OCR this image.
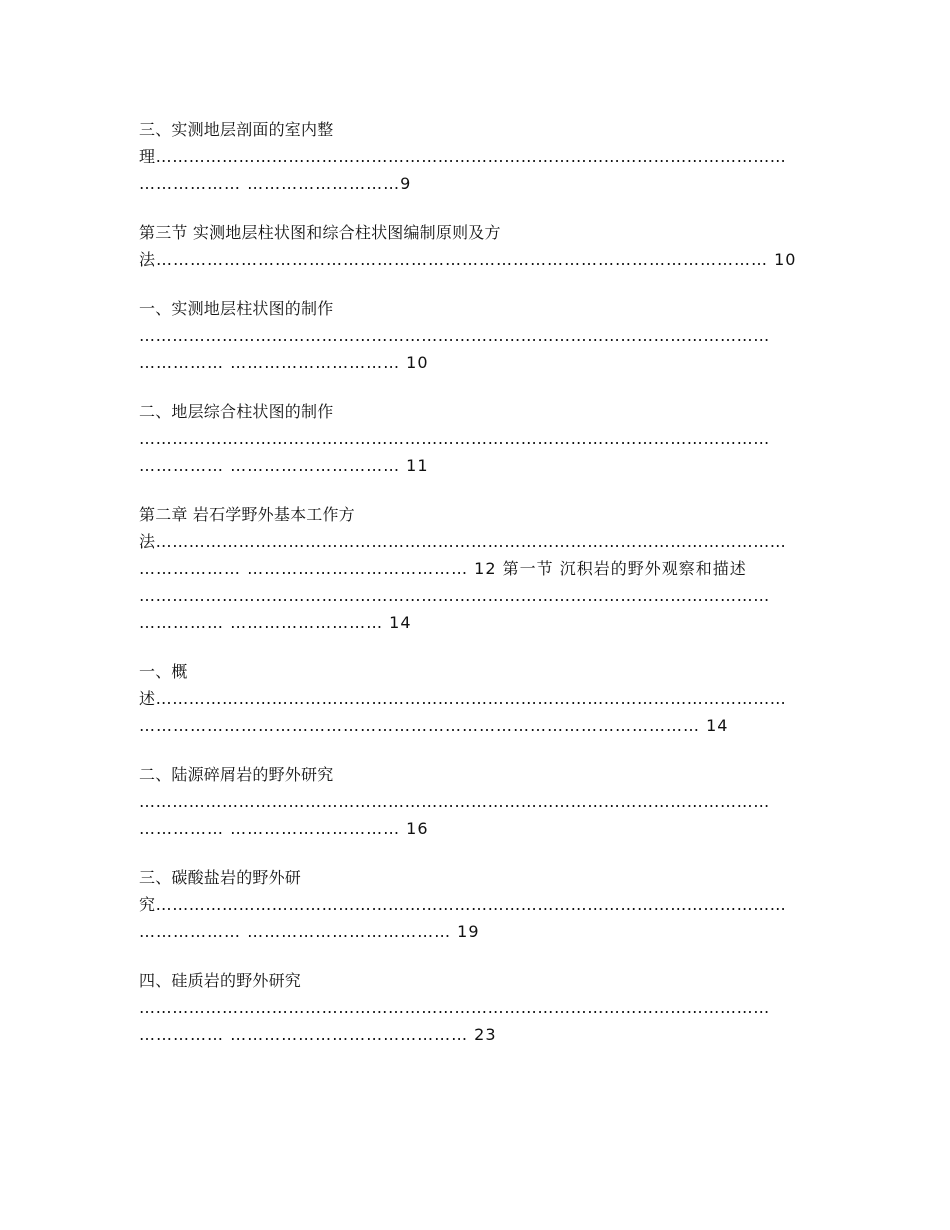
三、实测地层剖面的室内整
理……………………………………………………………………………………………………
……………… ………………………9
第三节 实测地层柱状图和综合柱状图编制原则及方
法……………………………………………………………………………………………… 10
一、实测地层柱状图的制作
……………………………………………………………………………………………………
…………… ………………………… 10
二、地层综合柱状图的制作
……………………………………………………………………………………………………
…………… ………………………… 11
第二章 岩石学野外基本工作方
法……………………………………………………………………………………………………
……………… ………………………………… 12 第一节 沉积岩的野外观察和描述
……………………………………………………………………………………………………
…………… ……………………… 14
一、概
述……………………………………………………………………………………………………
……………………………………………………………………………………… 14
二、陆源碎屑岩的野外研究
……………………………………………………………………………………………………
…………… ………………………… 16
三、碳酸盐岩的野外研
究……………………………………………………………………………………………………
……………… ……………………………… 19
四、硅质岩的野外研究
……………………………………………………………………………………………………
…………… …………………………………… 23
